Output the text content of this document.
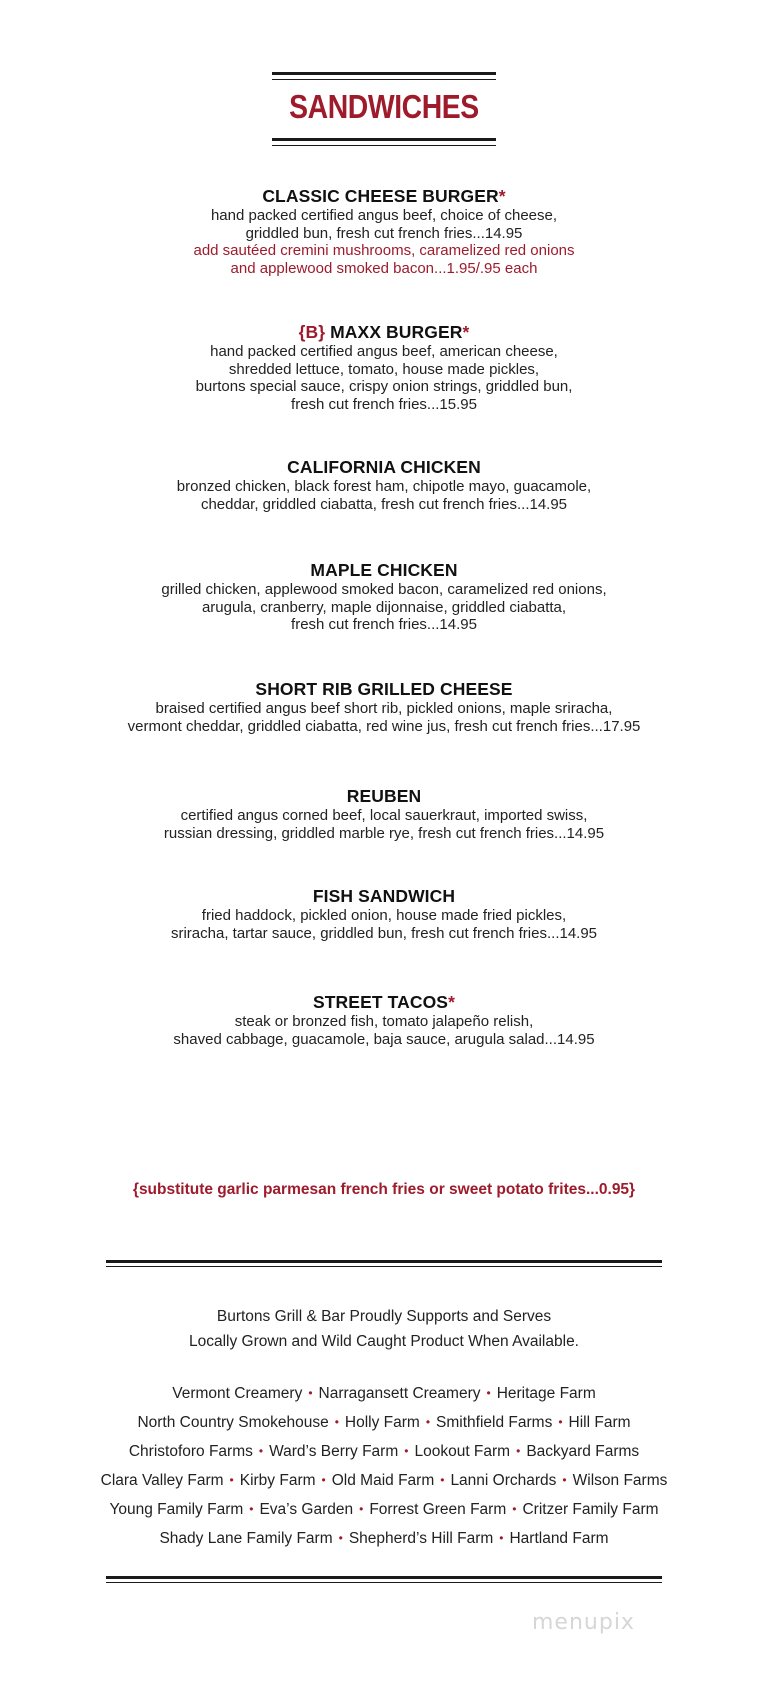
SANDWICHES
CLASSIC CHEESE BURGER*
hand packed certified angus beef, choice of cheese,
griddled bun, fresh cut french fries...14.95
add sautéed cremini mushrooms, caramelized red onions
and applewood smoked bacon...1.95/.95 each
{B} MAXX BURGER*
hand packed certified angus beef, american cheese,
shredded lettuce, tomato, house made pickles,
burtons special sauce, crispy onion strings, griddled bun,
fresh cut french fries...15.95
CALIFORNIA CHICKEN
bronzed chicken, black forest ham, chipotle mayo, guacamole,
cheddar, griddled ciabatta, fresh cut french fries...14.95
MAPLE CHICKEN
grilled chicken, applewood smoked bacon, caramelized red onions,
arugula, cranberry, maple dijonnaise, griddled ciabatta,
fresh cut french fries...14.95
SHORT RIB GRILLED CHEESE
braised certified angus beef short rib, pickled onions, maple sriracha,
vermont cheddar, griddled ciabatta, red wine jus, fresh cut french fries...17.95
REUBEN
certified angus corned beef, local sauerkraut, imported swiss,
russian dressing, griddled marble rye, fresh cut french fries...14.95
FISH SANDWICH
fried haddock, pickled onion, house made fried pickles,
sriracha, tartar sauce, griddled bun, fresh cut french fries...14.95
STREET TACOS*
steak or bronzed fish, tomato jalapeño relish,
shaved cabbage, guacamole, baja sauce, arugula salad...14.95
{substitute garlic parmesan french fries or sweet potato frites...0.95}
Burtons Grill & Bar Proudly Supports and Serves
Locally Grown and Wild Caught Product When Available.
Vermont Creamery • Narragansett Creamery • Heritage Farm
North Country Smokehouse • Holly Farm • Smithfield Farms • Hill Farm
Christoforo Farms • Ward’s Berry Farm • Lookout Farm • Backyard Farms
Clara Valley Farm • Kirby Farm • Old Maid Farm • Lanni Orchards • Wilson Farms
Young Family Farm • Eva’s Garden • Forrest Green Farm • Critzer Family Farm
Shady Lane Family Farm • Shepherd’s Hill Farm • Hartland Farm
menupix
